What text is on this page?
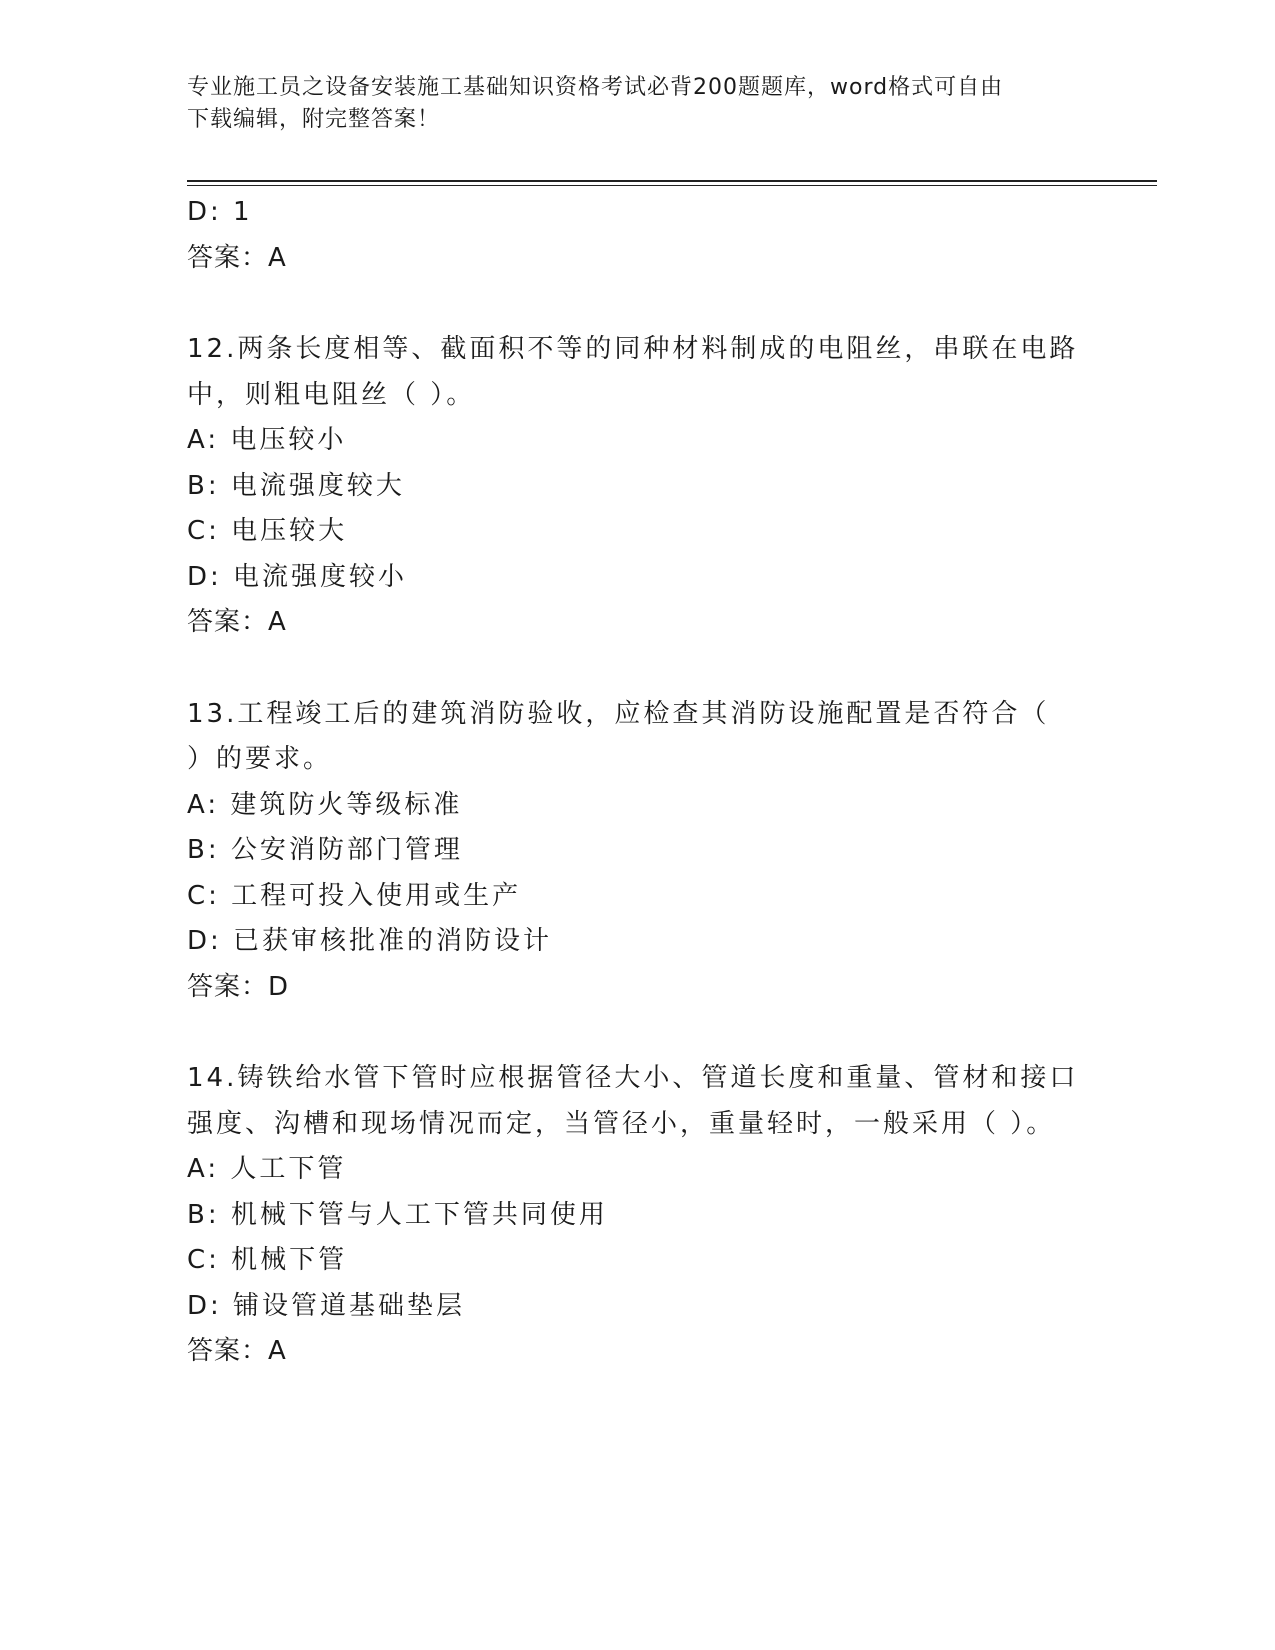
专业施工员之设备安装施工基础知识资格考试必背200题题库，word格式可自由
下载编辑，附完整答案！
D: 1
答案：A
12.两条长度相等、截面积不等的同种材料制成的电阻丝，串联在电路
中，则粗电阻丝（ ）。
A: 电压较小
B: 电流强度较大
C: 电压较大
D: 电流强度较小
答案：A
13.工程竣工后的建筑消防验收，应检查其消防设施配置是否符合（
）的要求。
A: 建筑防火等级标准
B: 公安消防部门管理
C: 工程可投入使用或生产
D: 已获审核批准的消防设计
答案：D
14.铸铁给水管下管时应根据管径大小、管道长度和重量、管材和接口
强度、沟槽和现场情况而定，当管径小，重量轻时，一般采用（ ）。
A: 人工下管
B: 机械下管与人工下管共同使用
C: 机械下管
D: 铺设管道基础垫层
答案：A
